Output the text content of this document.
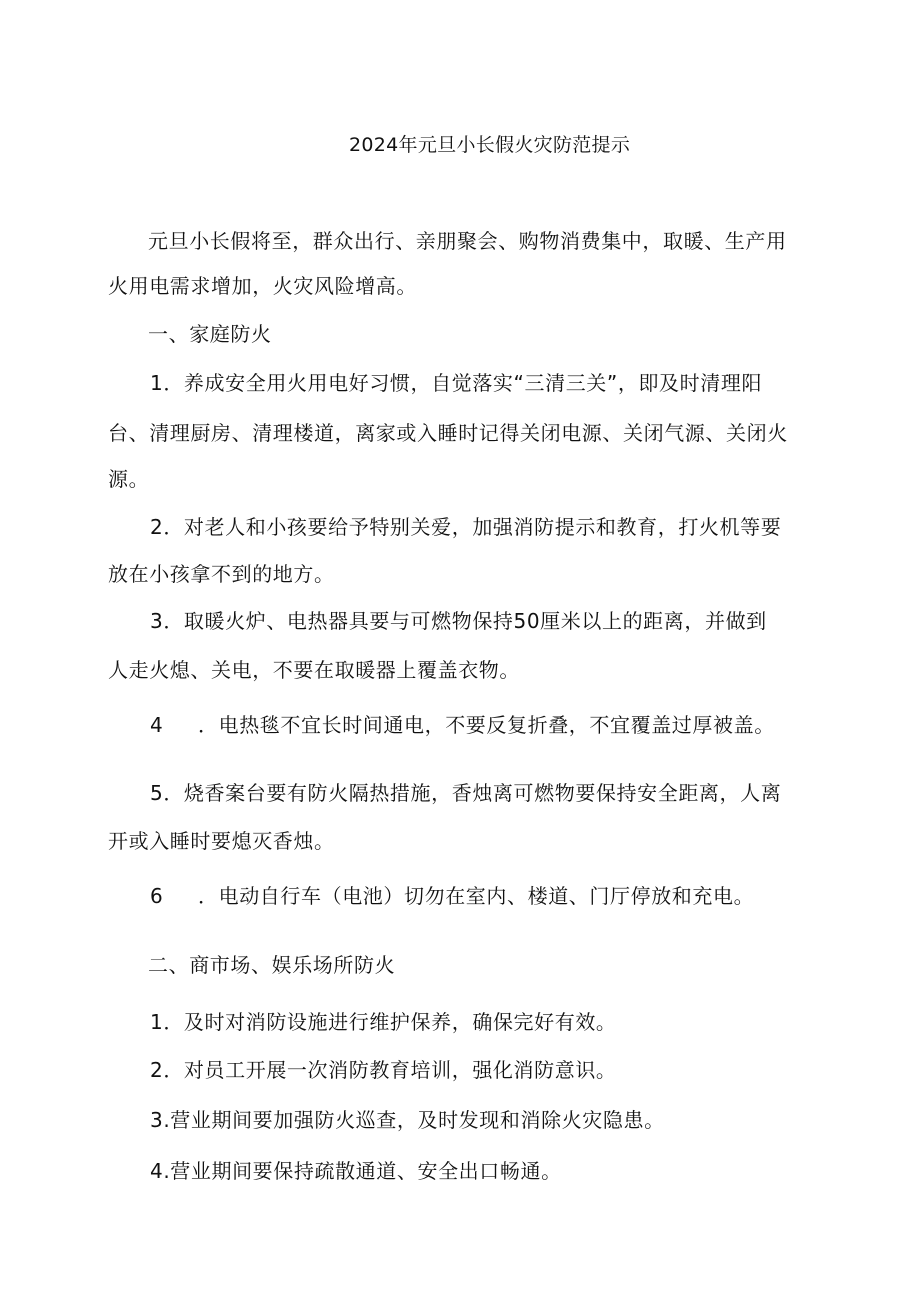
2024年元旦小长假火灾防范提示
元旦小长假将至，群众出行、亲朋聚会、购物消费集中，取暖、生产用
火用电需求增加，火灾风险增高。
一、家庭防火
1．养成安全用火用电好习惯，自觉落实“三清三关”，即及时清理阳
台、清理厨房、清理楼道，离家或入睡时记得关闭电源、关闭气源、关闭火
源。
2．对老人和小孩要给予特别关爱，加强消防提示和教育，打火机等要
放在小孩拿不到的地方。
3．取暖火炉、电热器具要与可燃物保持50厘米以上的距离，并做到
人走火熄、关电，不要在取暖器上覆盖衣物。
4 ．电热毯不宜长时间通电，不要反复折叠，不宜覆盖过厚被盖。
5．烧香案台要有防火隔热措施，香烛离可燃物要保持安全距离，人离
开或入睡时要熄灭香烛。
6 ．电动自行车（电池）切勿在室内、楼道、门厅停放和充电。
二、商市场、娱乐场所防火
1．及时对消防设施进行维护保养，确保完好有效。
2．对员工开展一次消防教育培训，强化消防意识。
3.营业期间要加强防火巡查，及时发现和消除火灾隐患。
4.营业期间要保持疏散通道、安全出口畅通。
